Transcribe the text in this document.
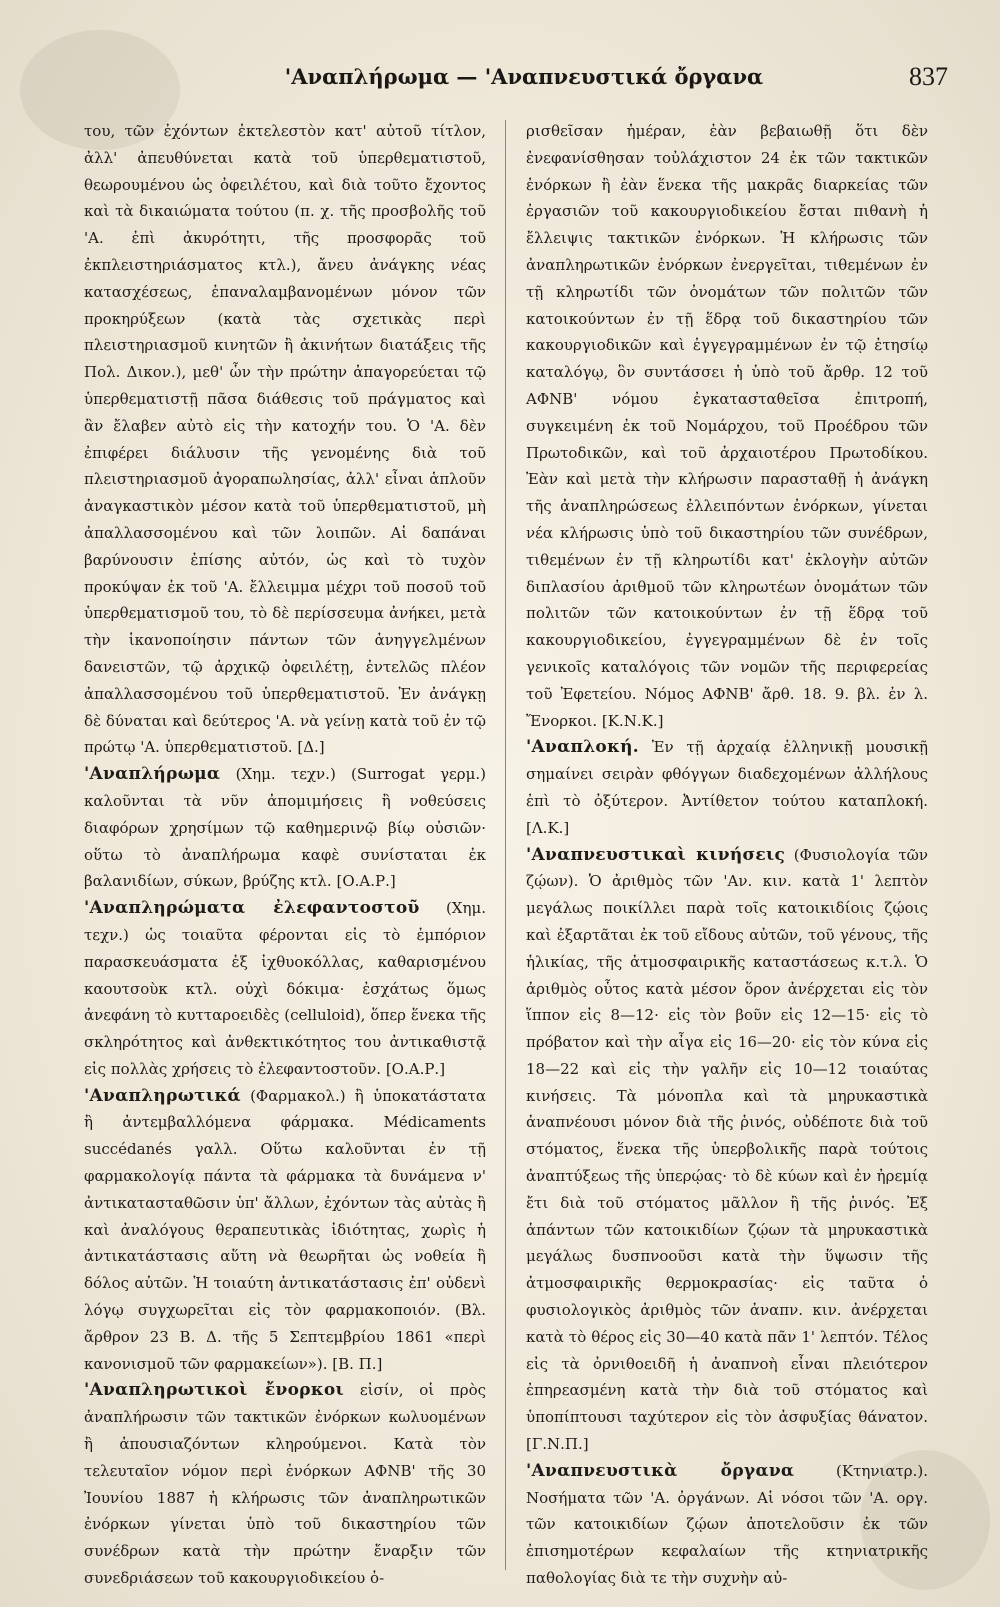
'Αναπλήρωμα — 'Αναπνευστικά ὄργανα	837

του, τῶν ἐχόντων ἐκτελεστὸν κατ' αὐτοῦ τίτλον, ἀλλ' ἀπευθύνεται κατὰ τοῦ ὑπερθεματιστοῦ, θεωρουμένου ὡς ὀφειλέτου, καὶ διὰ τοῦτο ἔχοντος καὶ τὰ δικαιώματα τούτου (π. χ. τῆς προσβολῆς τοῦ 'Α. ἐπὶ ἀκυρότητι, τῆς προσφορᾶς τοῦ ἐκπλειστηριάσματος κτλ.), ἄνευ ἀνάγκης νέας κατασχέσεως, ἐπαναλαμβανομένων μόνον τῶν προκηρύξεων (κατὰ τὰς σχετικὰς περὶ πλειστηριασμοῦ κινητῶν ἢ ἀκινήτων διατάξεις τῆς Πολ. Δικον.), μεθ' ὧν τὴν πρώτην ἀπαγορεύεται τῷ ὑπερθεματιστῇ πᾶσα διάθεσις τοῦ πράγματος καὶ ἂν ἔλαβεν αὐτὸ εἰς τὴν κατοχήν του. Ὁ 'Α. δὲν ἐπιφέρει διάλυσιν τῆς γενομένης διὰ τοῦ πλειστηριασμοῦ ἀγοραπωλησίας, ἀλλ' εἶναι ἁπλοῦν ἀναγκαστικὸν μέσον κατὰ τοῦ ὑπερθεματιστοῦ, μὴ ἀπαλλασσομένου καὶ τῶν λοιπῶν. Αἱ δαπάναι βαρύνουσιν ἐπίσης αὐτόν, ὡς καὶ τὸ τυχὸν προκύψαν ἐκ τοῦ 'Α. ἔλλειμμα μέχρι τοῦ ποσοῦ τοῦ ὑπερθεματισμοῦ του, τὸ δὲ περίσσευμα ἀνήκει, μετὰ τὴν ἱκανοποίησιν πάντων τῶν ἀνηγγελμένων δανειστῶν, τῷ ἀρχικῷ ὀφειλέτῃ, ἐντελῶς πλέον ἀπαλλασσομένου τοῦ ὑπερθεματιστοῦ. Ἐν ἀνάγκῃ δὲ δύναται καὶ δεύτερος 'Α. νὰ γείνῃ κατὰ τοῦ ἐν τῷ πρώτῳ 'Α. ὑπερθεματιστοῦ. [Δ.]

'Αναπλήρωμα (Χημ. τεχν.) (Surrogat γερμ.) καλοῦνται τὰ νῦν ἀπομιμήσεις ἢ νοθεύσεις διαφόρων χρησίμων τῷ καθημερινῷ βίῳ οὐσιῶν· οὕτω τὸ ἀναπλήρωμα καφὲ συνίσταται ἐκ βαλανιδίων, σύκων, βρύζης κτλ. [Ο.Α.Ρ.]

'Αναπληρώματα ἐλεφαντοστοῦ (Χημ. τεχν.) ὡς τοιαῦτα φέρονται εἰς τὸ ἐμπόριον παρασκευάσματα ἐξ ἰχθυοκόλλας, καθαρισμένου καουτσοὺκ κτλ. οὐχὶ δόκιμα· ἐσχάτως ὅμως ἀνεφάνη τὸ κυτταροειδὲς (celluloid), ὅπερ ἕνεκα τῆς σκληρότητος καὶ ἀνθεκτικότητος του ἀντικαθιστᾷ εἰς πολλὰς χρήσεις τὸ ἐλεφαντοστοῦν. [Ο.Α.Ρ.]

'Αναπληρωτικά (Φαρμακολ.) ἢ ὑποκατάστατα ἢ ἀντεμβαλλόμενα φάρμακα. Médicaments succédanés γαλλ. Οὕτω καλοῦνται ἐν τῇ φαρμακολογίᾳ πάντα τὰ φάρμακα τὰ δυνάμενα ν' ἀντικατασταθῶσιν ὑπ' ἄλλων, ἐχόντων τὰς αὐτὰς ἢ καὶ ἀναλόγους θεραπευτικὰς ἰδιότητας, χωρὶς ἡ ἀντικατάστασις αὕτη νὰ θεωρῆται ὡς νοθεία ἢ δόλος αὐτῶν. Ἡ τοιαύτη ἀντικατάστασις ἐπ' οὐδενὶ λόγῳ συγχωρεῖται εἰς τὸν φαρμακοποιόν. (Βλ. ἄρθρον 23 Β. Δ. τῆς 5 Σεπτεμβρίου 1861 «περὶ κανονισμοῦ τῶν φαρμακείων»). [Β. Π.]

'Αναπληρωτικοὶ ἔνορκοι εἰσίν, οἱ πρὸς ἀναπλήρωσιν τῶν τακτικῶν ἐνόρκων κωλυομένων ἢ ἀπουσιαζόντων κληρούμενοι. Κατὰ τὸν τελευταῖον νόμον περὶ ἐνόρκων ΑΦΝΒ' τῆς 30 Ἰουνίου 1887 ἡ κλήρωσις τῶν ἀναπληρωτικῶν ἐνόρκων γίνεται ὑπὸ τοῦ δικαστηρίου τῶν συνέδρων κατὰ τὴν πρώτην ἔναρξιν τῶν συνεδριάσεων τοῦ κακουργιοδικείου ὁ-

ρισθεῖσαν ἡμέραν, ἐὰν βεβαιωθῇ ὅτι δὲν ἐνεφανίσθησαν τοὐλάχιστον 24 ἐκ τῶν τακτικῶν ἐνόρκων ἢ ἐὰν ἕνεκα τῆς μακρᾶς διαρκείας τῶν ἐργασιῶν τοῦ κακουργιοδικείου ἔσται πιθανὴ ἡ ἔλλειψις τακτικῶν ἐνόρκων. Ἡ κλήρωσις τῶν ἀναπληρωτικῶν ἐνόρκων ἐνεργεῖται, τιθεμένων ἐν τῇ κληρωτίδι τῶν ὀνομάτων τῶν πολιτῶν τῶν κατοικούντων ἐν τῇ ἕδρᾳ τοῦ δικαστηρίου τῶν κακουργιοδικῶν καὶ ἐγγεγραμμένων ἐν τῷ ἐτησίῳ καταλόγῳ, ὃν συντάσσει ἡ ὑπὸ τοῦ ἄρθρ. 12 τοῦ ΑΦΝΒ' νόμου ἐγκατασταθεῖσα ἐπιτροπή, συγκειμένη ἐκ τοῦ Νομάρχου, τοῦ Προέδρου τῶν Πρωτοδικῶν, καὶ τοῦ ἀρχαιοτέρου Πρωτοδίκου. Ἐὰν καὶ μετὰ τὴν κλήρωσιν παρασταθῇ ἡ ἀνάγκη τῆς ἀναπληρώσεως ἐλλειπόντων ἐνόρκων, γίνεται νέα κλήρωσις ὑπὸ τοῦ δικαστηρίου τῶν συνέδρων, τιθεμένων ἐν τῇ κληρωτίδι κατ' ἐκλογὴν αὐτῶν διπλασίου ἀριθμοῦ τῶν κληρωτέων ὀνομάτων τῶν πολιτῶν τῶν κατοικούντων ἐν τῇ ἕδρᾳ τοῦ κακουργιοδικείου, ἐγγεγραμμένων δὲ ἐν τοῖς γενικοῖς καταλόγοις τῶν νομῶν τῆς περιφερείας τοῦ Ἐφετείου. Νόμος ΑΦΝΒ' ἄρθ. 18. 9. βλ. ἐν λ. Ἔνορκοι. [Κ.Ν.Κ.]

'Αναπλοκή. Ἐν τῇ ἀρχαίᾳ ἑλληνικῇ μουσικῇ σημαίνει σειρὰν φθόγγων διαδεχομένων ἀλλήλους ἐπὶ τὸ ὀξύτερον. Ἀντίθετον τούτου καταπλοκή. [Λ.Κ.]

'Αναπνευστικαὶ κινήσεις (Φυσιολογία τῶν ζῴων). Ὁ ἀριθμὸς τῶν 'Αν. κιν. κατὰ 1' λεπτὸν μεγάλως ποικίλλει παρὰ τοῖς κατοικιδίοις ζῴοις καὶ ἐξαρτᾶται ἐκ τοῦ εἴδους αὐτῶν, τοῦ γένους, τῆς ἡλικίας, τῆς ἀτμοσφαιρικῆς καταστάσεως κ.τ.λ. Ὁ ἀριθμὸς οὗτος κατὰ μέσον ὅρον ἀνέρχεται εἰς τὸν ἵππον εἰς 8—12· εἰς τὸν βοῦν εἰς 12—15· εἰς τὸ πρόβατον καὶ τὴν αἶγα εἰς 16—20· εἰς τὸν κύνα εἰς 18—22 καὶ εἰς τὴν γαλῆν εἰς 10—12 τοιαύτας κινήσεις. Τὰ μόνοπλα καὶ τὰ μηρυκαστικὰ ἀναπνέουσι μόνον διὰ τῆς ῥινός, οὐδέποτε διὰ τοῦ στόματος, ἕνεκα τῆς ὑπερβολικῆς παρὰ τούτοις ἀναπτύξεως τῆς ὑπερῴας· τὸ δὲ κύων καὶ ἐν ἠρεμίᾳ ἔτι διὰ τοῦ στόματος μᾶλλον ἢ τῆς ῥινός. Ἐξ ἁπάντων τῶν κατοικιδίων ζῴων τὰ μηρυκαστικὰ μεγάλως δυσπνοοῦσι κατὰ τὴν ὕψωσιν τῆς ἀτμοσφαιρικῆς θερμοκρασίας· εἰς ταῦτα ὁ φυσιολογικὸς ἀριθμὸς τῶν ἀναπν. κιν. ἀνέρχεται κατὰ τὸ θέρος εἰς 30—40 κατὰ πᾶν 1' λεπτόν. Τέλος εἰς τὰ ὀρνιθοειδῆ ἡ ἀναπνοὴ εἶναι πλειότερον ἐπηρεασμένη κατὰ τὴν διὰ τοῦ στόματος καὶ ὑποπίπτουσι ταχύτερον εἰς τὸν ἀσφυξίας θάνατον. [Γ.Ν.Π.]

'Αναπνευστικὰ ὄργανα	(Κτηνιατρ.). Νοσήματα τῶν 'Α. ὀργάνων. Αἱ νόσοι τῶν 'Α. οργ. τῶν κατοικιδίων ζῴων ἀποτελοῦσιν ἐκ τῶν ἐπισημοτέρων κεφαλαίων τῆς κτηνιατρικῆς παθολογίας διὰ τε τὴν συχνὴν αὐ-
